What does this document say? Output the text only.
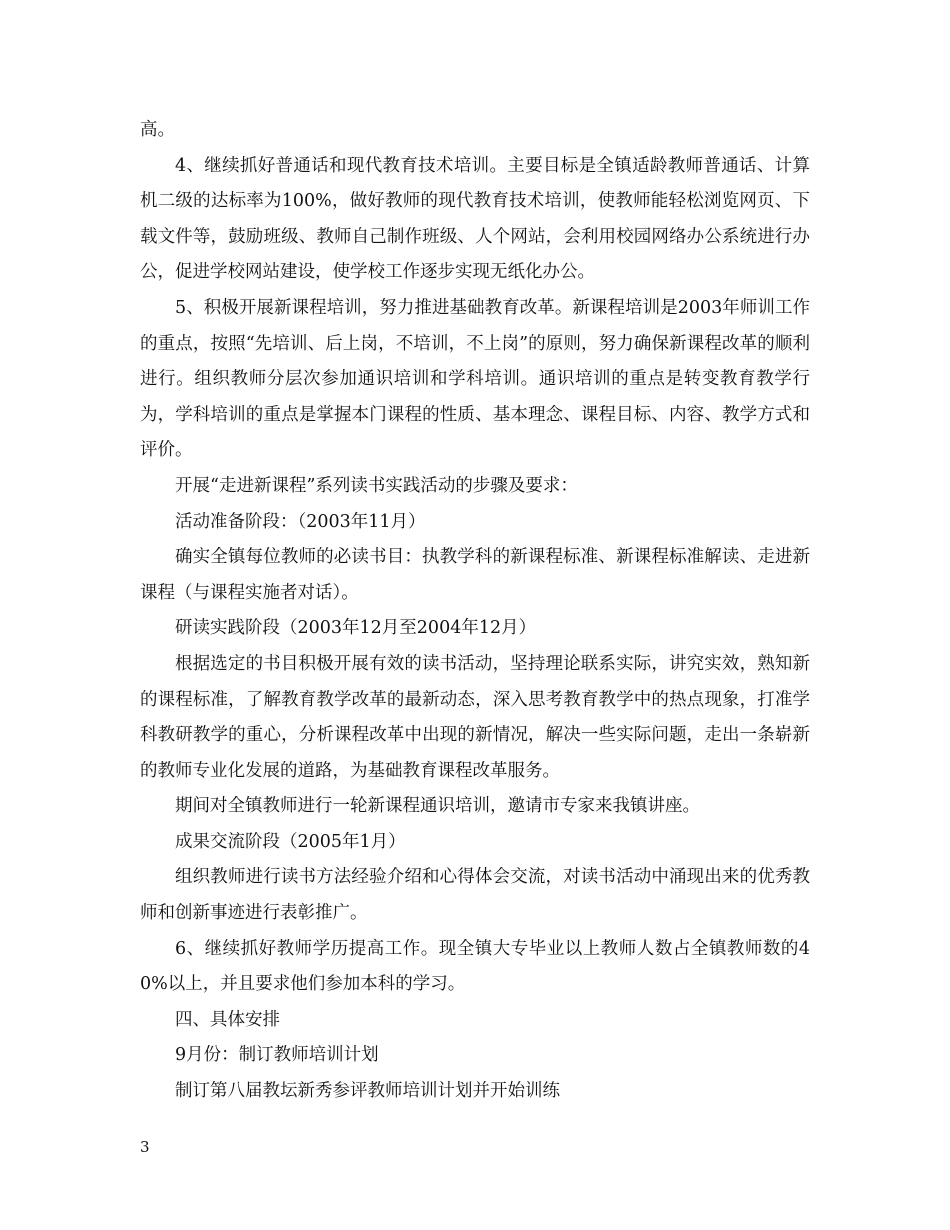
高。

4、继续抓好普通话和现代教育技术培训。主要目标是全镇适龄教师普通话、计算机二级的达标率为100%，做好教师的现代教育技术培训，使教师能轻松浏览网页、下载文件等，鼓励班级、教师自己制作班级、人个网站，会利用校园网络办公系统进行办公，促进学校网站建设，使学校工作逐步实现无纸化办公。

5、积极开展新课程培训，努力推进基础教育改革。新课程培训是2003年师训工作的重点，按照“先培训、后上岗，不培训，不上岗”的原则，努力确保新课程改革的顺利进行。组织教师分层次参加通识培训和学科培训。通识培训的重点是转变教育教学行为，学科培训的重点是掌握本门课程的性质、基本理念、课程目标、内容、教学方式和评价。

开展“走进新课程”系列读书实践活动的步骤及要求：

活动准备阶段：（2003年11月）

确实全镇每位教师的必读书目：执教学科的新课程标准、新课程标准解读、走进新课程（与课程实施者对话）。

研读实践阶段（2003年12月至2004年12月）

根据选定的书目积极开展有效的读书活动，坚持理论联系实际，讲究实效，熟知新的课程标准，了解教育教学改革的最新动态，深入思考教育教学中的热点现象，打准学科教研教学的重心，分析课程改革中出现的新情况，解决一些实际问题，走出一条崭新的教师专业化发展的道路，为基础教育课程改革服务。

期间对全镇教师进行一轮新课程通识培训，邀请市专家来我镇讲座。

成果交流阶段（2005年1月）

组织教师进行读书方法经验介绍和心得体会交流，对读书活动中涌现出来的优秀教师和创新事迹进行表彰推广。

6、继续抓好教师学历提高工作。现全镇大专毕业以上教师人数占全镇教师数的40%以上，并且要求他们参加本科的学习。

四、具体安排

9月份：制订教师培训计划

制订第八届教坛新秀参评教师培训计划并开始训练

3
